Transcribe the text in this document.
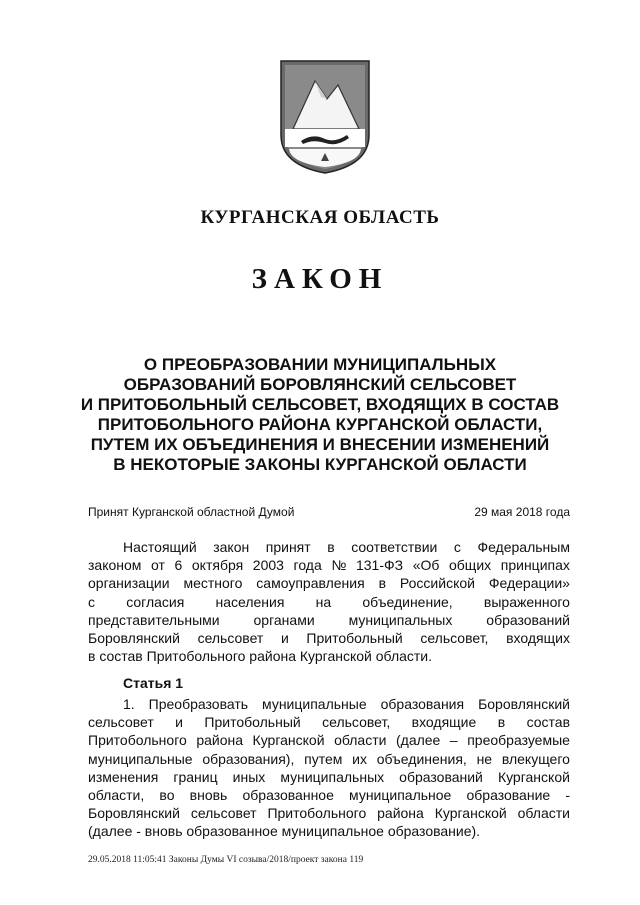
КУРГАНСКАЯ ОБЛАСТЬ
ЗАКОН
О ПРЕОБРАЗОВАНИИ МУНИЦИПАЛЬНЫХ
ОБРАЗОВАНИЙ БОРОВЛЯНСКИЙ СЕЛЬСОВЕТ
И ПРИТОБОЛЬНЫЙ СЕЛЬСОВЕТ, ВХОДЯЩИХ В СОСТАВ
ПРИТОБОЛЬНОГО РАЙОНА КУРГАНСКОЙ ОБЛАСТИ,
ПУТЕМ ИХ ОБЪЕДИНЕНИЯ И ВНЕСЕНИИ ИЗМЕНЕНИЙ
В НЕКОТОРЫЕ ЗАКОНЫ КУРГАНСКОЙ ОБЛАСТИ
Принят Курганской областной Думой	29 мая 2018 года
Настоящий закон принят в соответствии с Федеральным
законом от 6 октября 2003 года № 131-ФЗ «Об общих принципах
организации местного самоуправления в Российской Федерации»
с согласия населения на объединение, выраженного
представительными органами муниципальных образований
Боровлянский сельсовет и Притобольный сельсовет, входящих
в состав Притобольного района Курганской области.
Статья 1
1. Преобразовать муниципальные образования Боровлянский
сельсовет и Притобольный сельсовет, входящие в состав
Притобольного района Курганской области (далее – преобразуемые
муниципальные образования), путем их объединения, не влекущего
изменения границ иных муниципальных образований Курганской
области, во вновь образованное муниципальное образование -
Боровлянский сельсовет Притобольного района Курганской области
(далее - вновь образованное муниципальное образование).
29.05.2018 11:05:41 Законы Думы VI созыва/2018/проект закона 119
